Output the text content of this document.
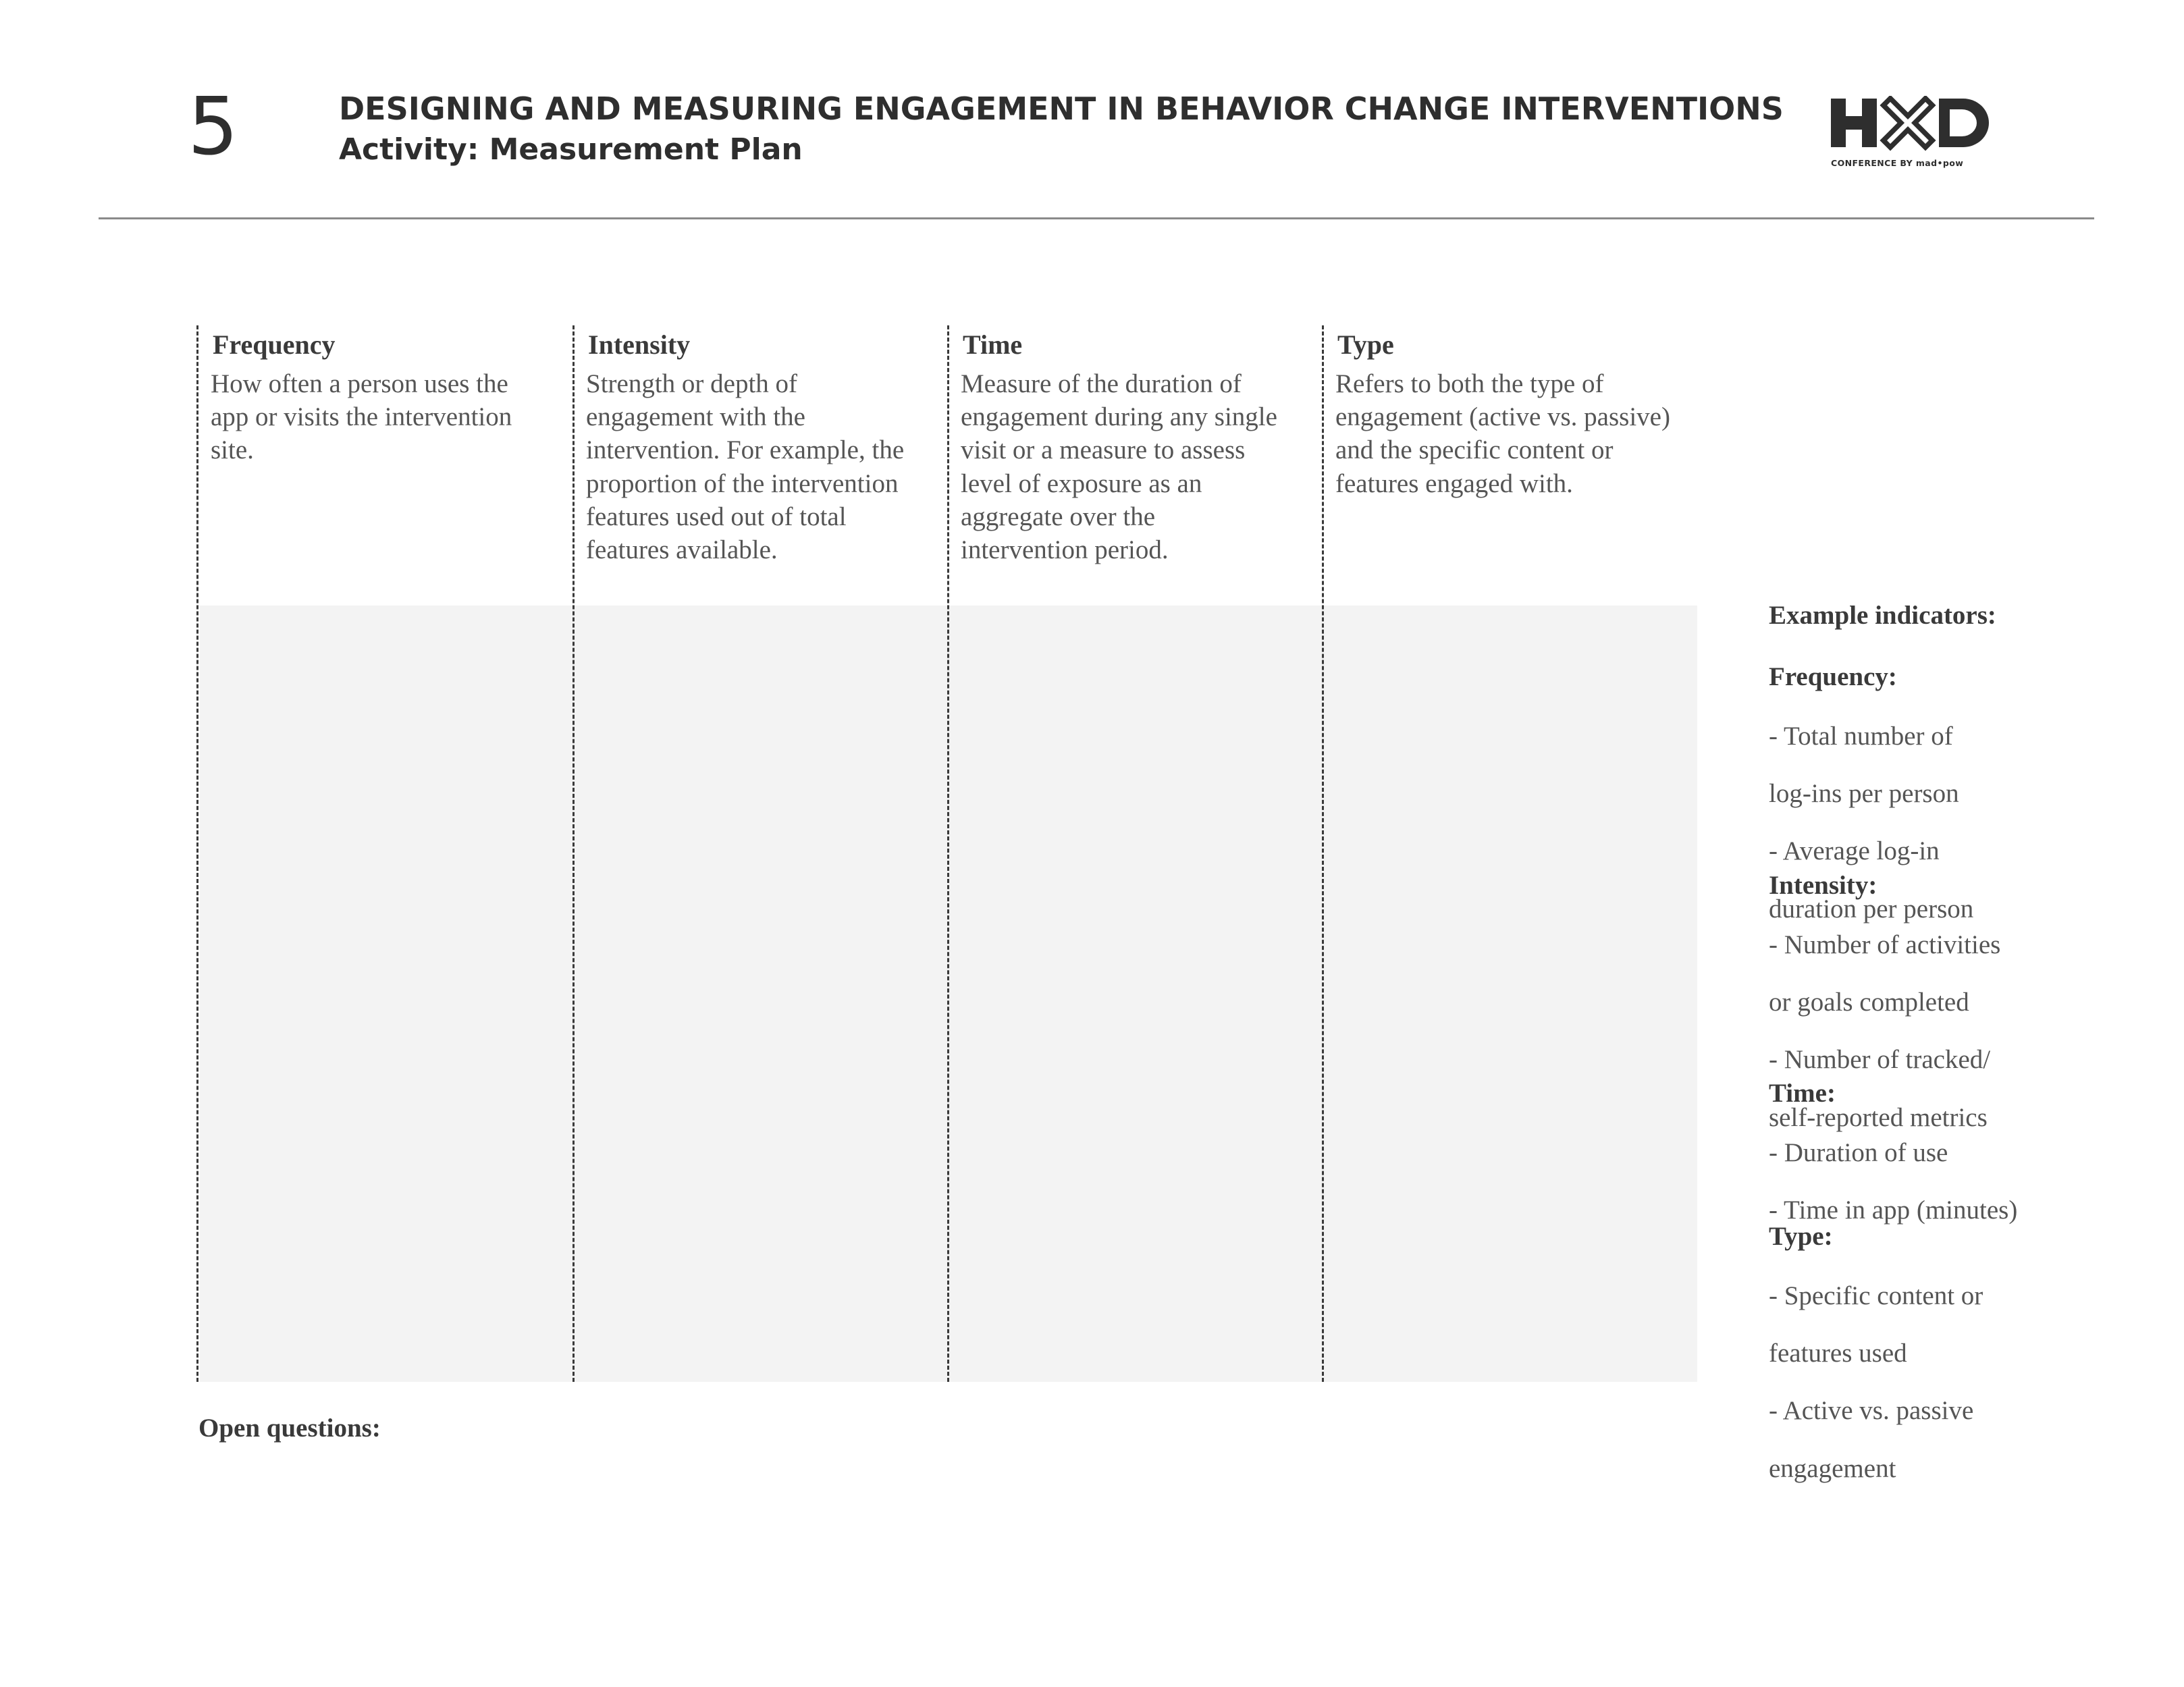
5	DESIGNING AND MEASURING ENGAGEMENT IN BEHAVIOR CHANGE INTERVENTIONS
Activity: Measurement Plan	CONFERENCE BY mad•pow
Frequency
How often a person uses the
app or visits the intervention
site.
Intensity
Strength or depth of
engagement with the
intervention. For example, the
proportion of the intervention
features used out of total
features available.
Time
Measure of the duration of
engagement during any single
visit or a measure to assess
level of exposure as an
aggregate over the
intervention period.
Type
Refers to both the type of
engagement (active vs. passive)
and the specific content or
features engaged with.
Example indicators:
Frequency:

- Total number of

log-ins per person

- Average log-in

duration per person

Intensity:

- Number of activities

or goals completed

- Number of tracked/

self-reported metrics

Time:

- Duration of use

- Time in app (minutes)

Type:

- Specific content or

features used

- Active vs. passive

engagement

Open questions:
